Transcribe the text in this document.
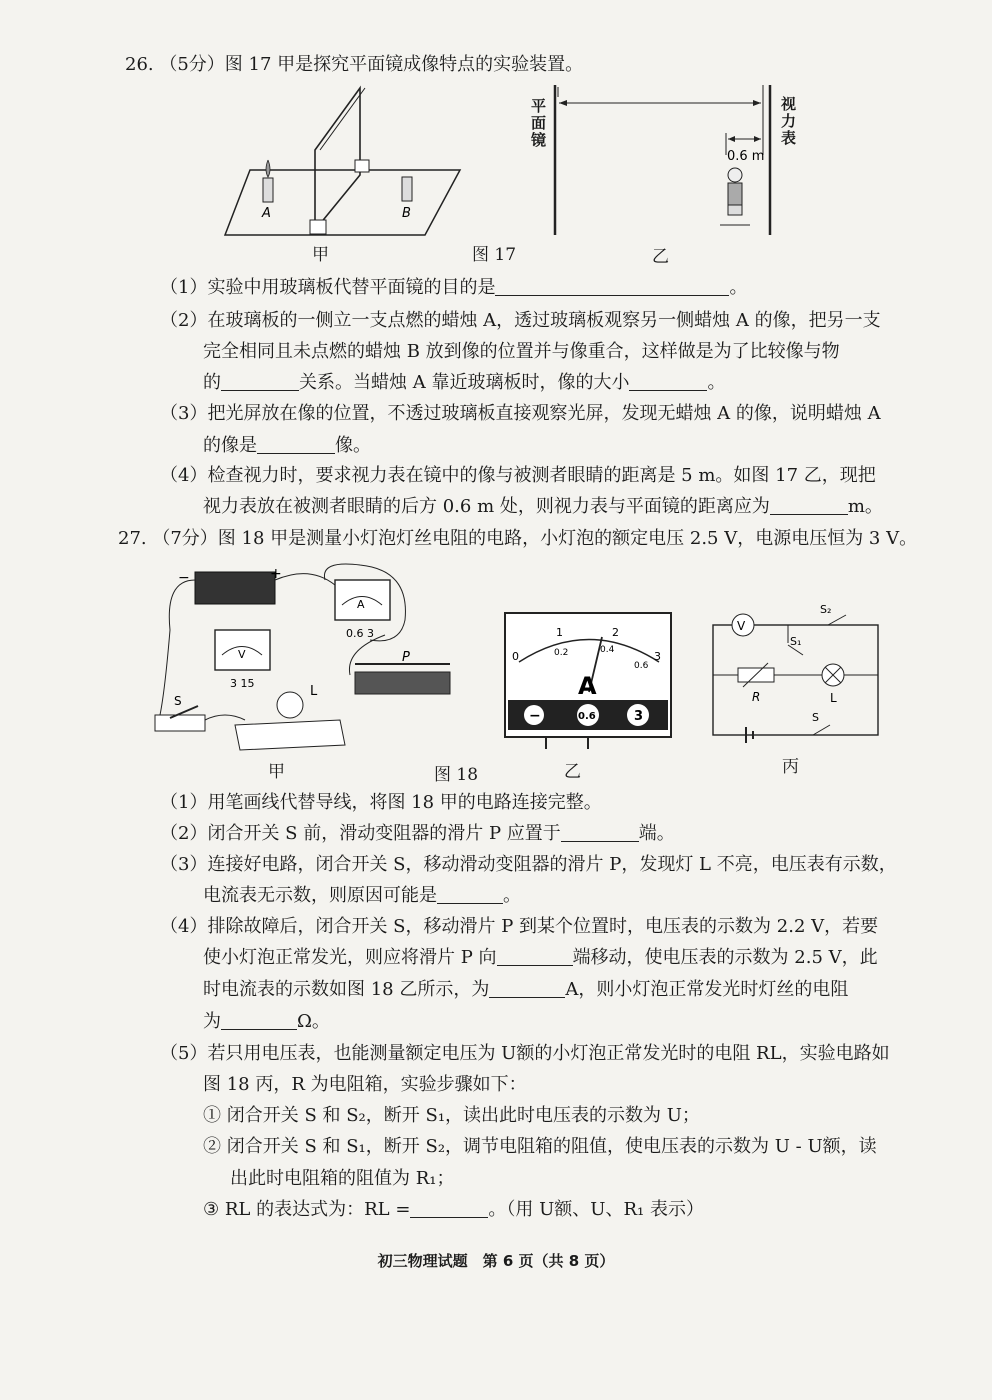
26. （5分）图 17 甲是探究平面镜成像特点的实验装置。
A	B
甲	图 17	乙
0.6 m
平面镜
视力表
（1）实验中用玻璃板代替平面镜的目的是	。
（2）在玻璃板的一侧立一支点燃的蜡烛 A，透过玻璃板观察另一侧蜡烛 A 的像，把另一支
完全相同且未点燃的蜡烛 B 放到像的位置并与像重合，这样做是为了比较像与物
的	关系。当蜡烛 A 靠近玻璃板时，像的大小	。
（3）把光屏放在像的位置，不透过玻璃板直接观察光屏，发现无蜡烛 A 的像，说明蜡烛 A
的像是	像。
（4）检查视力时，要求视力表在镜中的像与被测者眼睛的距离是 5 m。如图 17 乙，现把
视力表放在被测者眼睛的后方 0.6 m 处，则视力表与平面镜的距离应为	m。
27. （7分）图 18 甲是测量小灯泡灯丝电阻的电路，小灯泡的额定电压 2.5 V，电源电压恒为 3 V。
−	+
A
0.6 3
V
3 15
P
S
L
甲	图 18
0
1	2
3
0.2	0.4
0.6
A
−	0.6	3
乙
V
S₂
S₁
R	L
S
丙
（1）用笔画线代替导线，将图 18 甲的电路连接完整。
（2）闭合开关 S 前，滑动变阻器的滑片 P 应置于	端。
（3）连接好电路，闭合开关 S，移动滑动变阻器的滑片 P，发现灯 L 不亮，电压表有示数，
电流表无示数，则原因可能是	。
（4）排除故障后，闭合开关 S，移动滑片 P 到某个位置时，电压表的示数为 2.2 V，若要
使小灯泡正常发光，则应将滑片 P 向	端移动，使电压表的示数为 2.5 V，此
时电流表的示数如图 18 乙所示，为	A，则小灯泡正常发光时灯丝的电阻
为	Ω。
（5）若只用电压表，也能测量额定电压为 U额的小灯泡正常发光时的电阻 RL，实验电路如
图 18 丙，R 为电阻箱，实验步骤如下：
① 闭合开关 S 和 S₂，断开 S₁，读出此时电压表的示数为 U；
② 闭合开关 S 和 S₁，断开 S₂，调节电阻箱的阻值，使电压表的示数为 U - U额，读
出此时电阻箱的阻值为 R₁；
③ RL 的表达式为：RL =	。（用 U额、U、R₁ 表示）
初三物理试题　第 6 页（共 8 页）
